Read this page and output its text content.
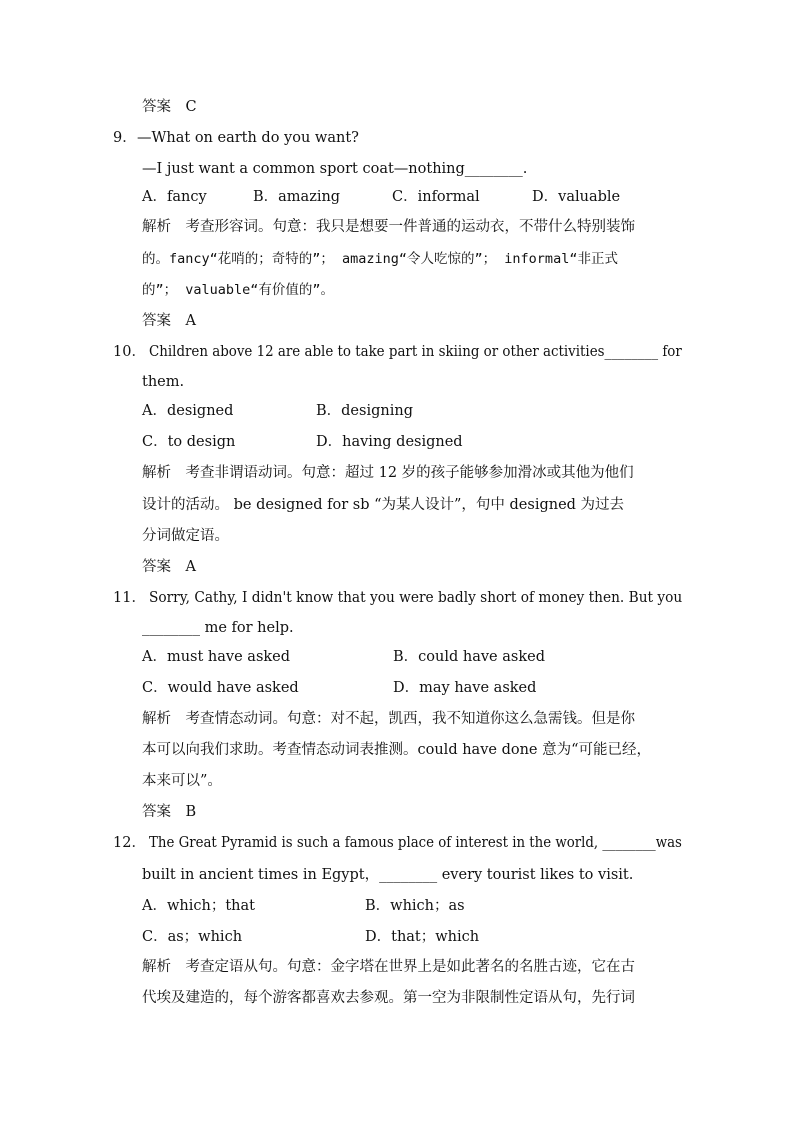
答案　C
9． —What on earth do you want?
—I just want a common sport coat—nothing________.
A．fancy	B．amazing	C．informal	D．valuable
解析　考查形容词。句意：我只是想要一件普通的运动衣，不带什么特别装饰
的。fancy“花哨的；奇特的”； amazing“令人吃惊的”； informal“非正式
的”； valuable“有价值的”。
答案　A
10． Children above 12 are able to take part in skiing or other activities________ for
them.
A．designed	B．designing
C．to design	D．having designed
解析　考查非谓语动词。句意：超过 12 岁的孩子能够参加滑冰或其他为他们
设计的活动。 be designed for sb “为某人设计”，句中 designed 为过去
分词做定语。
答案　A
11． Sorry, Cathy, I didn't know that you were badly short of money then. But you
________ me for help.
A．must have asked	B．could have asked
C．would have asked	D．may have asked
解析　考查情态动词。句意：对不起，凯西，我不知道你这么急需钱。但是你
本可以向我们求助。考查情态动词表推测。could have done 意为“可能已经，
本来可以”。
答案　B
12． The Great Pyramid is such a famous place of interest in the world, ________was
built in ancient times in Egypt，________ every tourist likes to visit.
A．which；that	B．which；as
C．as；which	D．that；which
解析　考查定语从句。句意：金字塔在世界上是如此著名的名胜古迹，它在古
代埃及建造的，每个游客都喜欢去参观。第一空为非限制性定语从句，先行词
